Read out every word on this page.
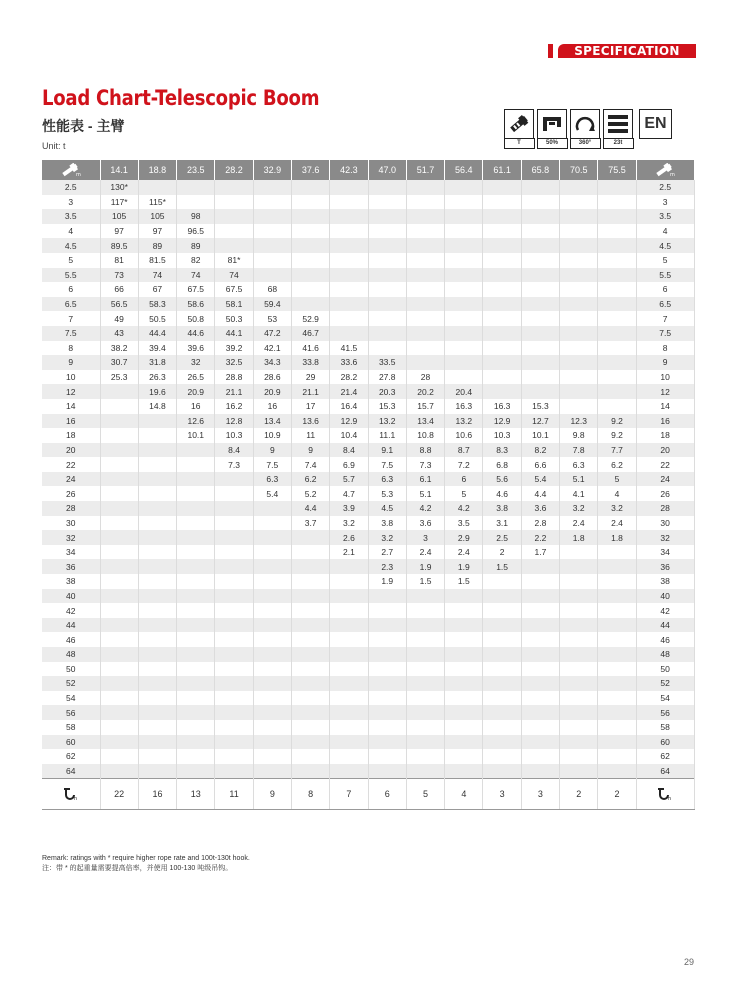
SPECIFICATION
Load Chart-Telescopic Boom
性能表 - 主臂
Unit: t	T	50%	360°	23t
EN
m	14.1	18.8	23.5	28.2	32.9	37.6	42.3	47.0	51.7	56.4	61.1	65.8	70.5	75.5	m

2.5	130*														2.5
3	117*	115*													3
3.5	105	105	98												3.5
4	97	97	96.5												4
4.5	89.5	89	89												4.5
5	81	81.5	82	81*											5
5.5	73	74	74	74											5.5
6	66	67	67.5	67.5	68										6
6.5	56.5	58.3	58.6	58.1	59.4										6.5
7	49	50.5	50.8	50.3	53	52.9									7
7.5	43	44.4	44.6	44.1	47.2	46.7									7.5
8	38.2	39.4	39.6	39.2	42.1	41.6	41.5								8
9	30.7	31.8	32	32.5	34.3	33.8	33.6	33.5							9
10	25.3	26.3	26.5	28.8	28.6	29	28.2	27.8	28						10
12		19.6	20.9	21.1	20.9	21.1	21.4	20.3	20.2	20.4					12
14		14.8	16	16.2	16	17	16.4	15.3	15.7	16.3	16.3	15.3			14
16			12.6	12.8	13.4	13.6	12.9	13.2	13.4	13.2	12.9	12.7	12.3	9.2	16
18			10.1	10.3	10.9	11	10.4	11.1	10.8	10.6	10.3	10.1	9.8	9.2	18
20				8.4	9	9	8.4	9.1	8.8	8.7	8.3	8.2	7.8	7.7	20
22				7.3	7.5	7.4	6.9	7.5	7.3	7.2	6.8	6.6	6.3	6.2	22
24					6.3	6.2	5.7	6.3	6.1	6	5.6	5.4	5.1	5	24
26					5.4	5.2	4.7	5.3	5.1	5	4.6	4.4	4.1	4	26
28						4.4	3.9	4.5	4.2	4.2	3.8	3.6	3.2	3.2	28
30						3.7	3.2	3.8	3.6	3.5	3.1	2.8	2.4	2.4	30
32							2.6	3.2	3	2.9	2.5	2.2	1.8	1.8	32
34							2.1	2.7	2.4	2.4	2	1.7			34
36								2.3	1.9	1.9	1.5				36
38								1.9	1.5	1.5					38
40															40
42															42
44															44
46															46
48															48
50															50
52															52
54															54
56															56
58															58
60															60
62															62
64															64

n	22	16	13	11	9	8	7	6	5	4	3	3	2	2	n
Remark: ratings with * require higher rope rate and 100t-130t hook.
注：带 * 的起重量需要提高倍率，并使用 100-130 吨级吊钩。
29
